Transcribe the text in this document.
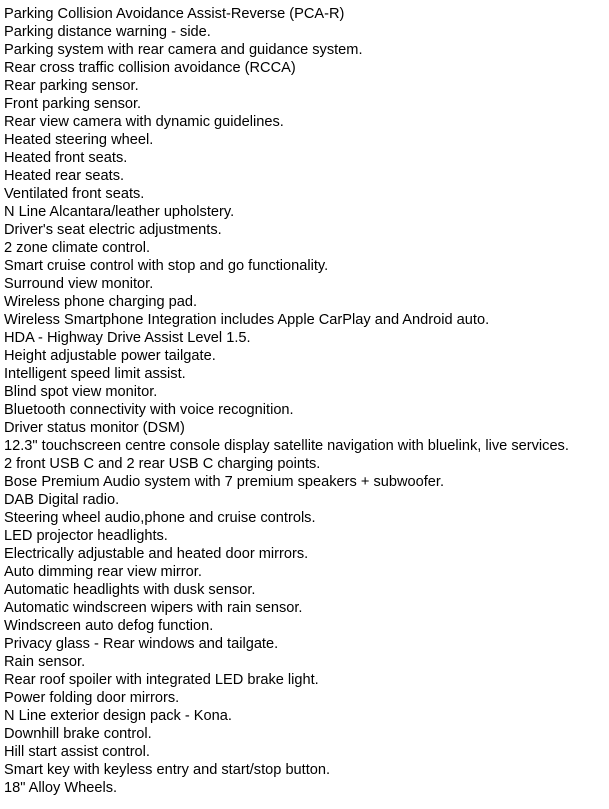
Parking Collision Avoidance Assist-Reverse (PCA-R)
Parking distance warning - side.
Parking system with rear camera and guidance system.
Rear cross traffic collision avoidance (RCCA)
Rear parking sensor.
Front parking sensor.
Rear view camera with dynamic guidelines.
Heated steering wheel.
Heated front seats.
Heated rear seats.
Ventilated front seats.
N Line Alcantara/leather upholstery.
Driver's seat electric adjustments.
2 zone climate control.
Smart cruise control with stop and go functionality.
Surround view monitor.
Wireless phone charging pad.
Wireless Smartphone Integration includes Apple CarPlay and Android auto.
HDA - Highway Drive Assist Level 1.5.
Height adjustable power tailgate.
Intelligent speed limit assist.
Blind spot view monitor.
Bluetooth connectivity with voice recognition.
Driver status monitor (DSM)
12.3" touchscreen centre console display satellite navigation with bluelink, live services.
2 front USB C and 2 rear USB C charging points.
Bose Premium Audio system with 7 premium speakers + subwoofer.
DAB Digital radio.
Steering wheel audio,phone and cruise controls.
LED projector headlights.
Electrically adjustable and heated door mirrors.
Auto dimming rear view mirror.
Automatic headlights with dusk sensor.
Automatic windscreen wipers with rain sensor.
Windscreen auto defog function.
Privacy glass - Rear windows and tailgate.
Rain sensor.
Rear roof spoiler with integrated LED brake light.
Power folding door mirrors.
N Line exterior design pack - Kona.
Downhill brake control.
Hill start assist control.
Smart key with keyless entry and start/stop button.
18" Alloy Wheels.
